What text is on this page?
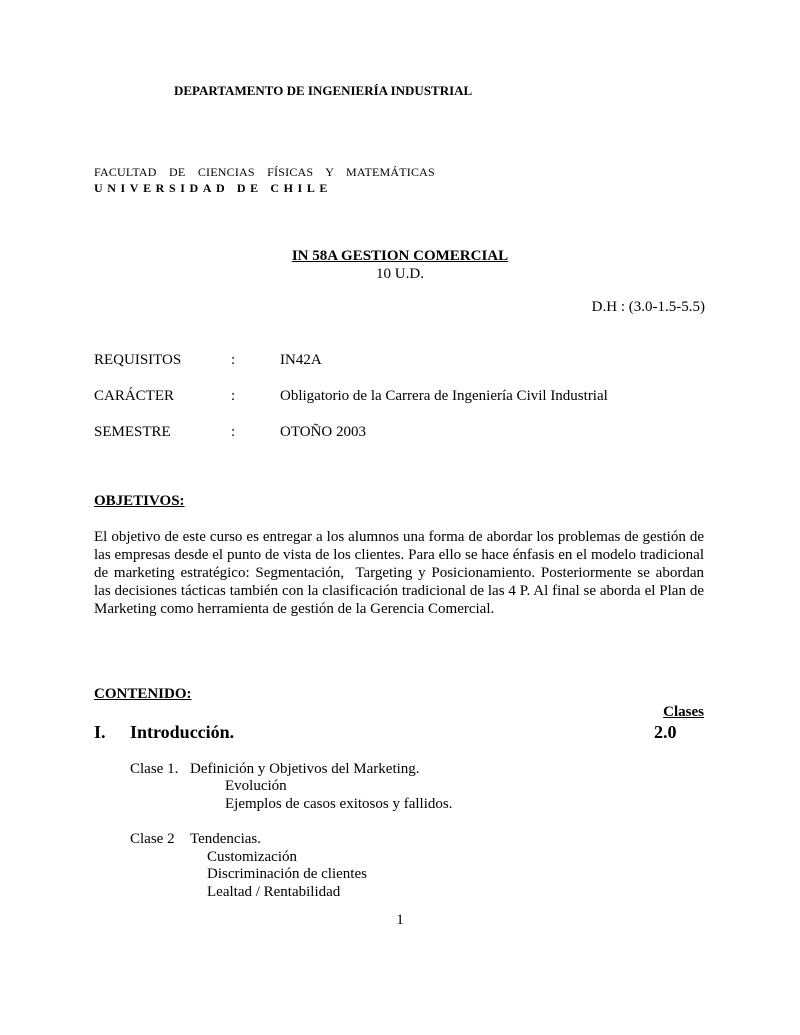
DEPARTAMENTO DE INGENIERÍA INDUSTRIAL
FACULTAD  DE  CIENCIAS  FÍSICAS  Y  MATEMÁTICAS
UNIVERSIDAD DE CHILE
IN 58A GESTION COMERCIAL
10 U.D.
D.H : (3.0-1.5-5.5)
REQUISITOS	:	IN42A
CARÁCTER	:	Obligatorio de la Carrera de Ingeniería Civil Industrial
SEMESTRE	:	OTOÑO 2003
OBJETIVOS:
El objetivo de este curso es entregar a los alumnos una forma de abordar los problemas de gestión de las empresas desde el punto de vista de los clientes. Para ello se hace énfasis en el modelo tradicional de marketing estratégico: Segmentación,  Targeting y Posicionamiento. Posteriormente se abordan las decisiones tácticas también con la clasificación tradicional de las 4 P. Al final se aborda el Plan de Marketing como herramienta de gestión de la Gerencia Comercial.
CONTENIDO:
Clases
I. Introducción.	2.0
Clase 1. Definición y Objetivos del Marketing.
Evolución
Ejemplos de casos exitosos y fallidos.
Clase 2 Tendencias.
Customización
Discriminación de clientes
Lealtad / Rentabilidad
1
